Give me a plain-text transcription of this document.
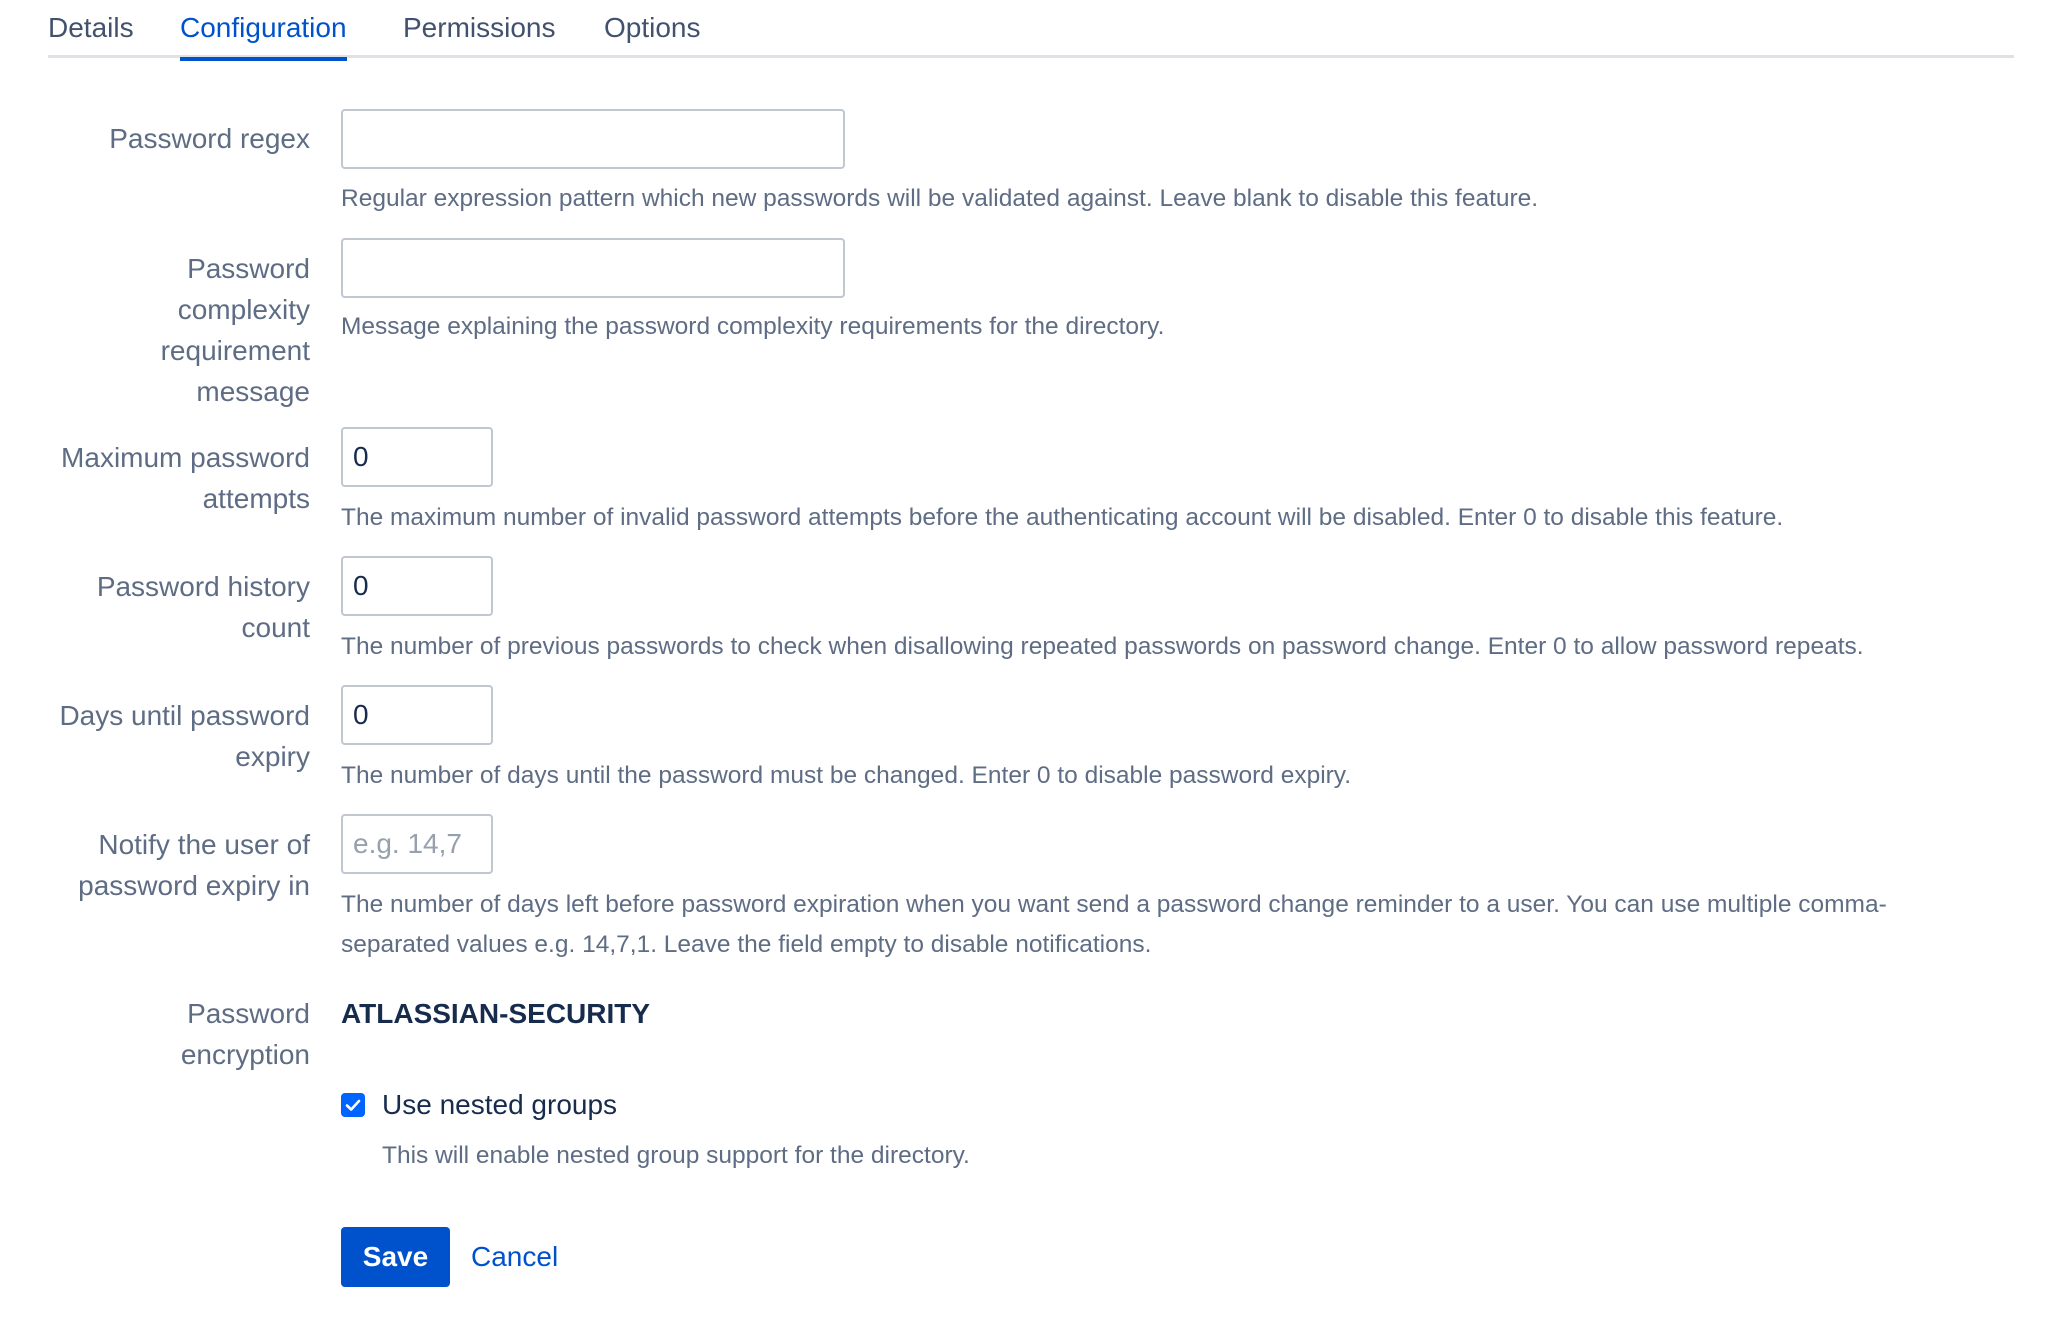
Details Configuration Permissions Options
Password regex
Regular expression pattern which new passwords will be validated against. Leave blank to disable this feature.
Password
complexity
requirement
message
Message explaining the password complexity requirements for the directory.
Maximum password
attempts
0
The maximum number of invalid password attempts before the authenticating account will be disabled. Enter 0 to disable this feature.
Password history
count
0
The number of previous passwords to check when disallowing repeated passwords on password change. Enter 0 to allow password repeats.
Days until password
expiry
0
The number of days until the password must be changed. Enter 0 to disable password expiry.
Notify the user of
password expiry in
e.g. 14,7
The number of days left before password expiration when you want send a password change reminder to a user. You can use multiple comma-
separated values e.g. 14,7,1. Leave the field empty to disable notifications.
Password
encryption
ATLASSIAN-SECURITY
Use nested groups
This will enable nested group support for the directory.
Save	Cancel
